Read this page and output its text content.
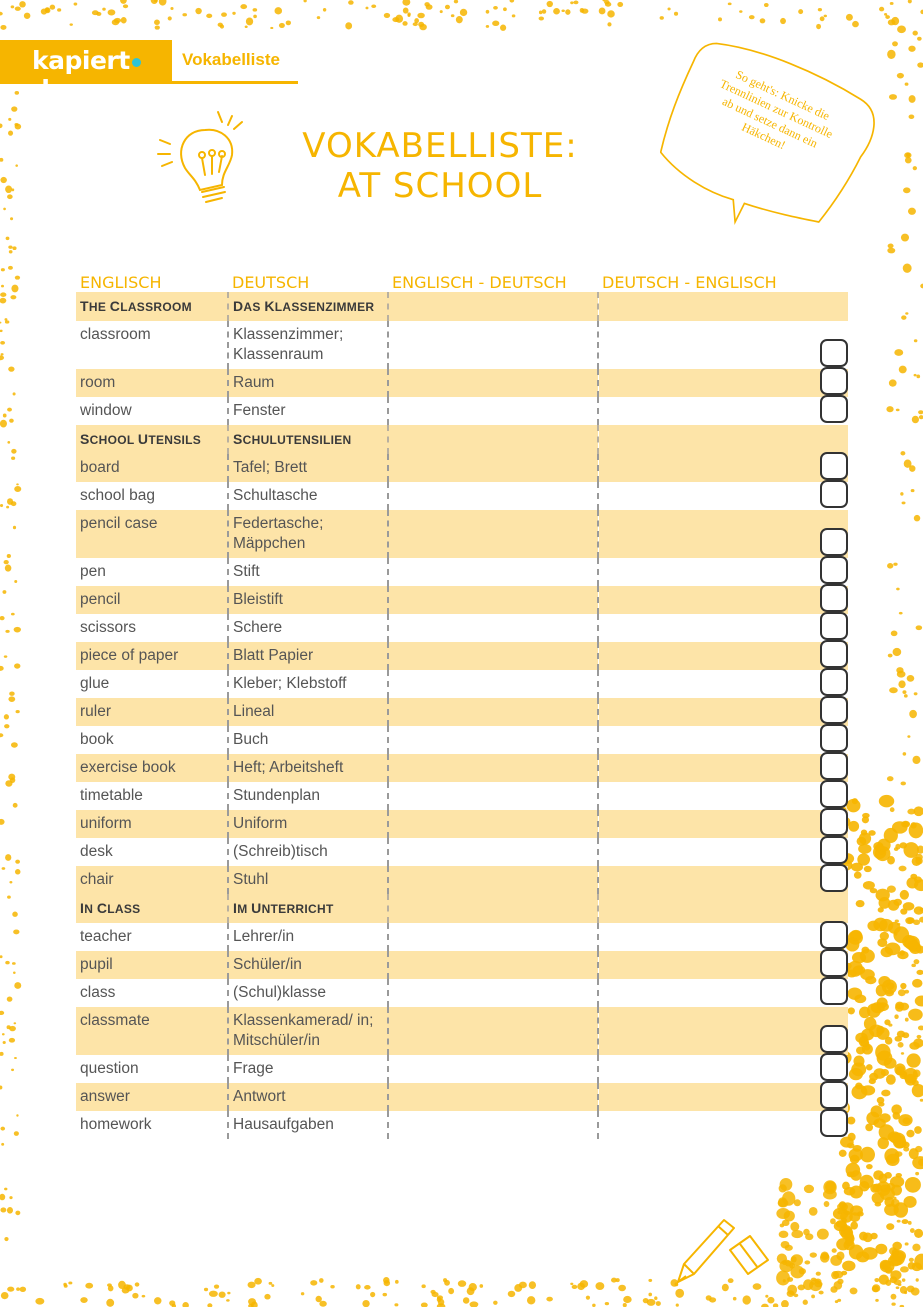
kapiertde
Vokabelliste
VOKABELLISTE:
AT SCHOOL
So geht's: Knicke die Trennlinien zur Kontrolle ab und setze dann ein Häkchen!
ENGLISCH	DEUTSCH	ENGLISCH - DEUTSCH	DEUTSCH - ENGLISCH
THE CLASSROOM	DAS KLASSENZIMMER		
classroom	Klassenzimmer; Klassenraum		

room	Raum		

window	Fenster		

SCHOOL UTENSILS	SCHULUTENSILIEN		
board	Tafel; Brett		

school bag	Schultasche		

pencil case	Federtasche; Mäppchen		

pen	Stift		

pencil	Bleistift		

scissors	Schere		

piece of paper	Blatt Papier		

glue	Kleber; Klebstoff		

ruler	Lineal		

book	Buch		

exercise book	Heft; Arbeitsheft		

timetable	Stundenplan		

uniform	Uniform		

desk	(Schreib)tisch		

chair	Stuhl		

IN CLASS	IM UNTERRICHT		
teacher	Lehrer/in		

pupil	Schüler/in		

class	(Schul)klasse		

classmate	Klassenkamerad/ in; Mitschüler/in		

question	Frage		

answer	Antwort		

homework	Hausaufgaben		
